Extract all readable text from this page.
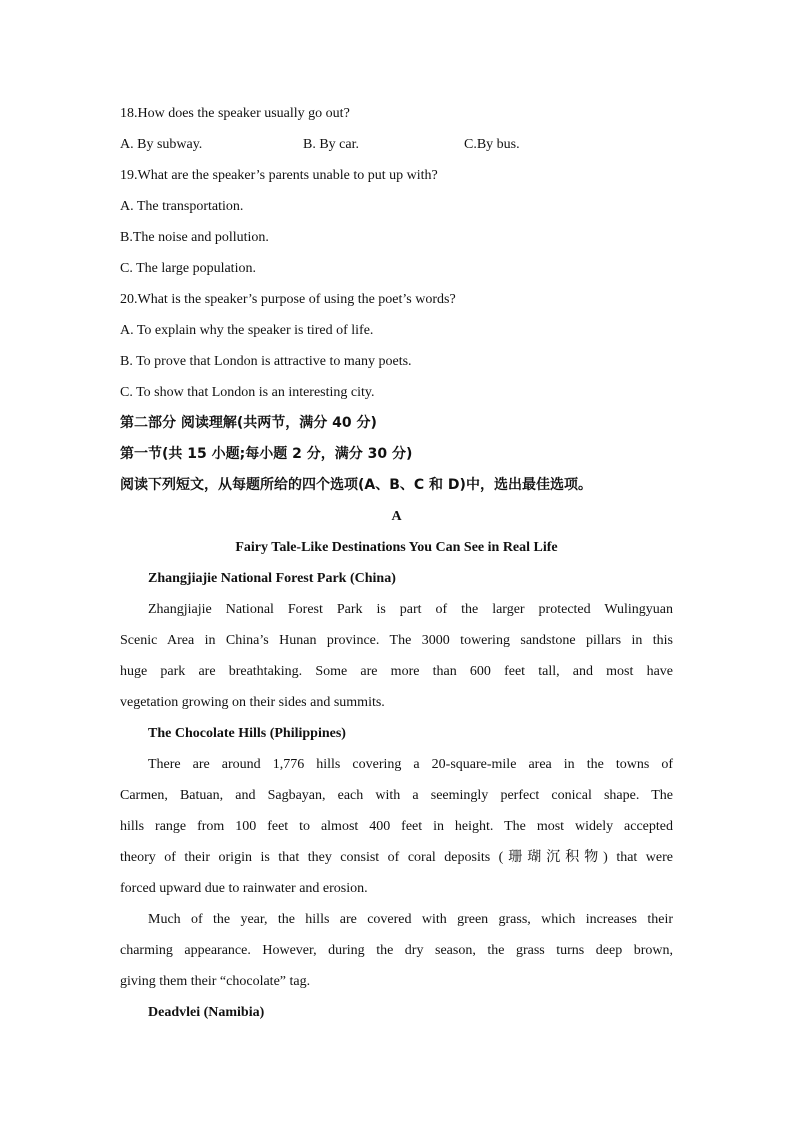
18.How does the speaker usually go out?
A. By subway.	B. By car.	C.By bus.
19.What are the speaker’s parents unable to put up with?
A. The transportation.
B.The noise and pollution.
C. The large population.
20.What is the speaker’s purpose of using the poet’s words?
A. To explain why the speaker is tired of life.
B. To prove that London is attractive to many poets.
C. To show that London is an interesting city.
第二部分 阅读理解(共两节，满分 40 分)
第一节(共 15 小题;每小题 2 分，满分 30 分)
阅读下列短文，从每题所给的四个选项(A、B、C 和 D)中，选出最佳选项。
A
Fairy Tale-Like Destinations You Can See in Real Life
Zhangjiajie National Forest Park (China)
Zhangjiajie National Forest Park is part of the larger protected Wulingyuan
Scenic Area in China’s Hunan province. The 3000 towering sandstone pillars in this
huge park are breathtaking. Some are more than 600 feet tall, and most have
vegetation growing on their sides and summits.
The Chocolate Hills (Philippines)
There are around 1,776 hills covering a 20-square-mile area in the towns of
Carmen, Batuan, and Sagbayan, each with a seemingly perfect conical shape. The
hills range from 100 feet to almost 400 feet in height. The most widely accepted
theory of their origin is that they consist of coral deposits (珊瑚沉积物) that were
forced upward due to rainwater and erosion.
Much of the year, the hills are covered with green grass, which increases their
charming appearance. However, during the dry season, the grass turns deep brown,
giving them their “chocolate” tag.
Deadvlei (Namibia)
